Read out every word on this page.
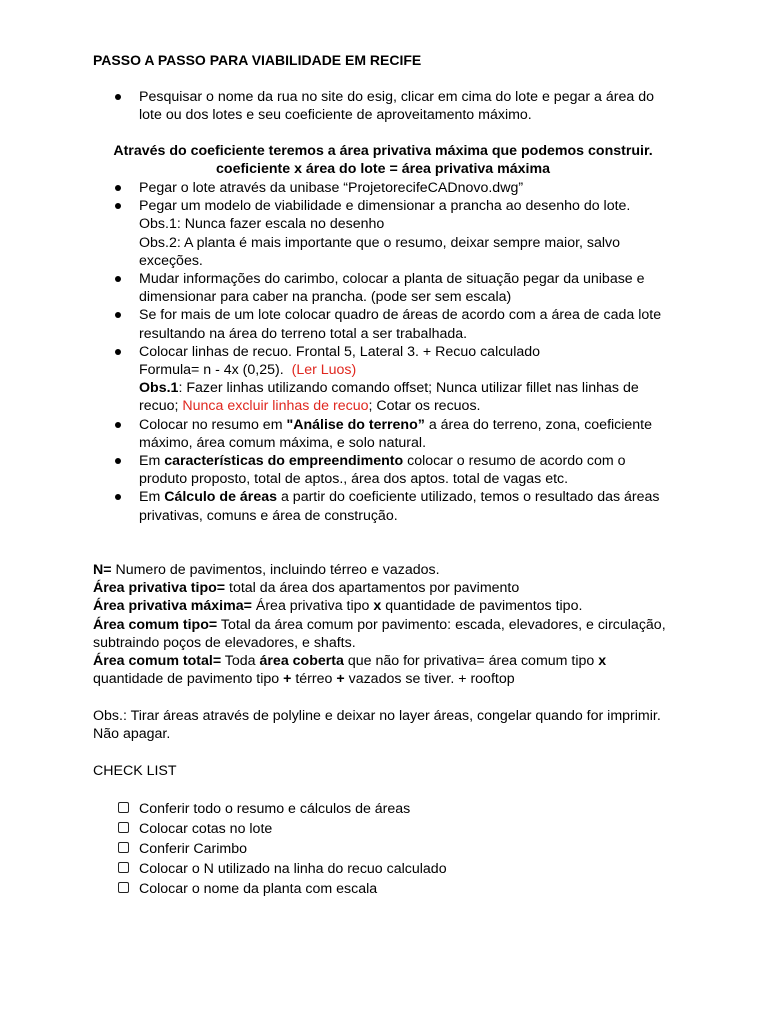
PASSO A PASSO PARA VIABILIDADE EM RECIFE

Pesquisar o nome da rua no site do esig, clicar em cima do lote e pegar a área do lote ou dos lotes e seu coeficiente de aproveitamento máximo.
Através do coeficiente teremos a área privativa máxima que podemos construir.
coeficiente x área do lote = área privativa máxima
Pegar o lote através da unibase “ProjetorecifeCADnovo.dwg”
Pegar um modelo de viabilidade e dimensionar a prancha ao desenho do lote.
Obs.1: Nunca fazer escala no desenho
Obs.2: A planta é mais importante que o resumo, deixar sempre maior, salvo exceções.
Mudar informações do carimbo, colocar a planta de situação pegar da unibase e dimensionar para caber na prancha. (pode ser sem escala)
Se for mais de um lote colocar quadro de áreas de acordo com a área de cada lote resultando na área do terreno total a ser trabalhada.
Colocar linhas de recuo. Frontal 5, Lateral 3. + Recuo calculado
Formula= n - 4x (0,25). (Ler Luos)
Obs.1: Fazer linhas utilizando comando offset; Nunca utilizar fillet nas linhas de recuo; Nunca excluir linhas de recuo; Cotar os recuos.
Colocar no resumo em "Análise do terreno” a área do terreno, zona, coeficiente máximo, área comum máxima, e solo natural.
Em características do empreendimento colocar o resumo de acordo com o produto proposto, total de aptos., área dos aptos. total de vagas etc.
Em Cálculo de áreas a partir do coeficiente utilizado, temos o resultado das áreas privativas, comuns e área de construção.

N= Numero de pavimentos, incluindo térreo e vazados.

Área privativa tipo= total da área dos apartamentos por pavimento

Área privativa máxima= Área privativa tipo x quantidade de pavimentos tipo.

Área comum tipo= Total da área comum por pavimento: escada, elevadores, e circulação, subtraindo poços de elevadores, e shafts.

Área comum total= Toda área coberta que não for privativa= área comum tipo x quantidade de pavimento tipo + térreo + vazados se tiver. + rooftop

Obs.: Tirar áreas através de polyline e deixar no layer áreas, congelar quando for imprimir. Não apagar.

CHECK LIST

Conferir todo o resumo e cálculos de áreas
Colocar cotas no lote
Conferir Carimbo
Colocar o N utilizado na linha do recuo calculado
Colocar o nome da planta com escala
